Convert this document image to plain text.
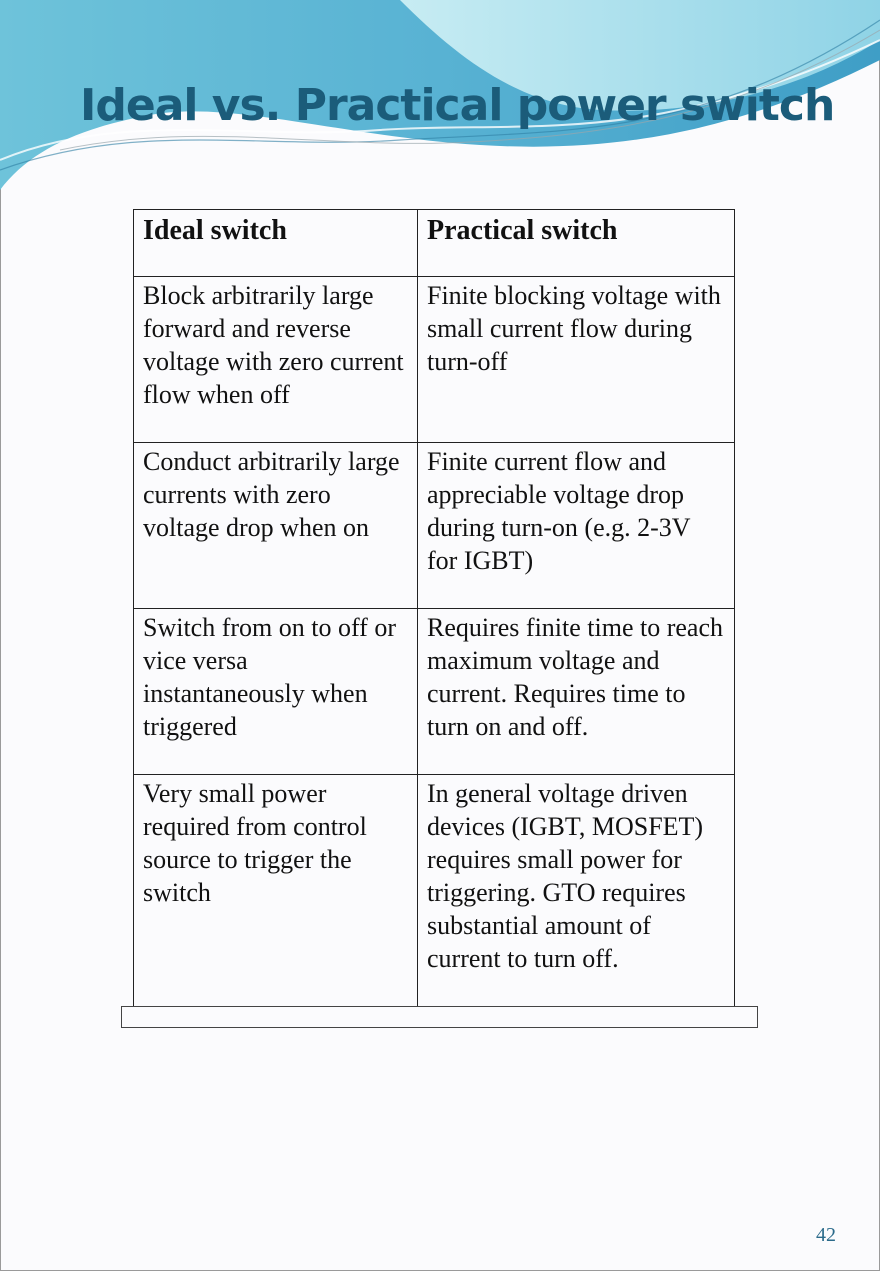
Ideal vs. Practical power switch
Ideal switch	Practical switch
Block arbitrarily large forward and reverse voltage with zero current flow when off	Finite blocking voltage with small current flow during turn-off
Conduct arbitrarily large currents with zero voltage drop when on	Finite current flow and appreciable voltage drop during turn-on (e.g. 2-3V for IGBT)
Switch from on to off or vice versa instantaneously when triggered	Requires finite time to reach maximum voltage and current. Requires time to turn on and off.
Very small power required from control source to trigger the switch	In general voltage driven devices (IGBT, MOSFET) requires small power for triggering. GTO requires substantial amount of current to turn off.
42
